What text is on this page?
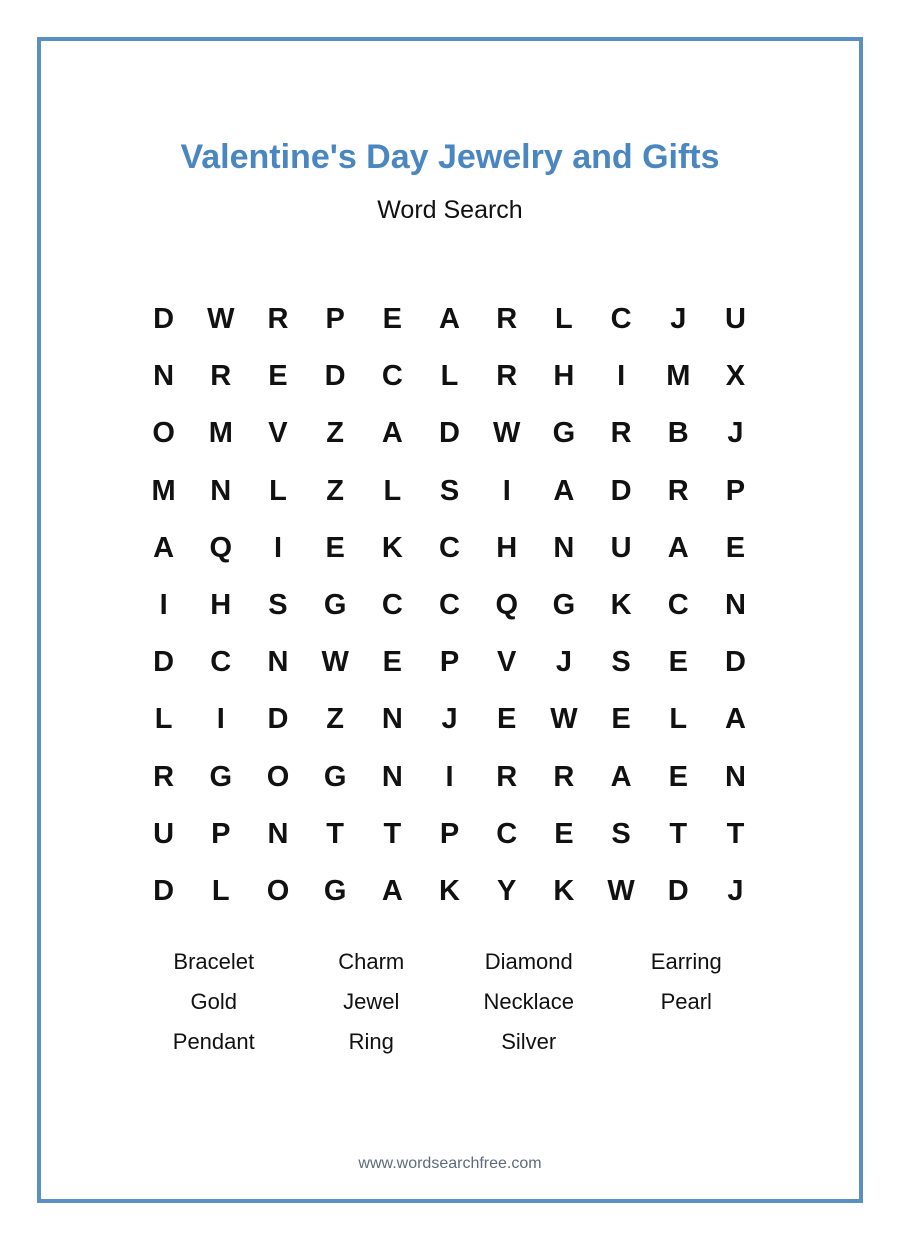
Valentine's Day Jewelry and Gifts
Word Search
D	W	R	P	E	A	R	L	C	J	U
N	R	E	D	C	L	R	H	I	M	X
O	M	V	Z	A	D	W	G	R	B	J
M	N	L	Z	L	S	I	A	D	R	P
A	Q	I	E	K	C	H	N	U	A	E
I	H	S	G	C	C	Q	G	K	C	N
D	C	N	W	E	P	V	J	S	E	D
L	I	D	Z	N	J	E	W	E	L	A
R	G	O	G	N	I	R	R	A	E	N
U	P	N	T	T	P	C	E	S	T	T
D	L	O	G	A	K	Y	K	W	D	J
Bracelet	Charm	Diamond	Earring
Gold	Jewel	Necklace	Pearl
Pendant	Ring	Silver
www.wordsearchfree.com
